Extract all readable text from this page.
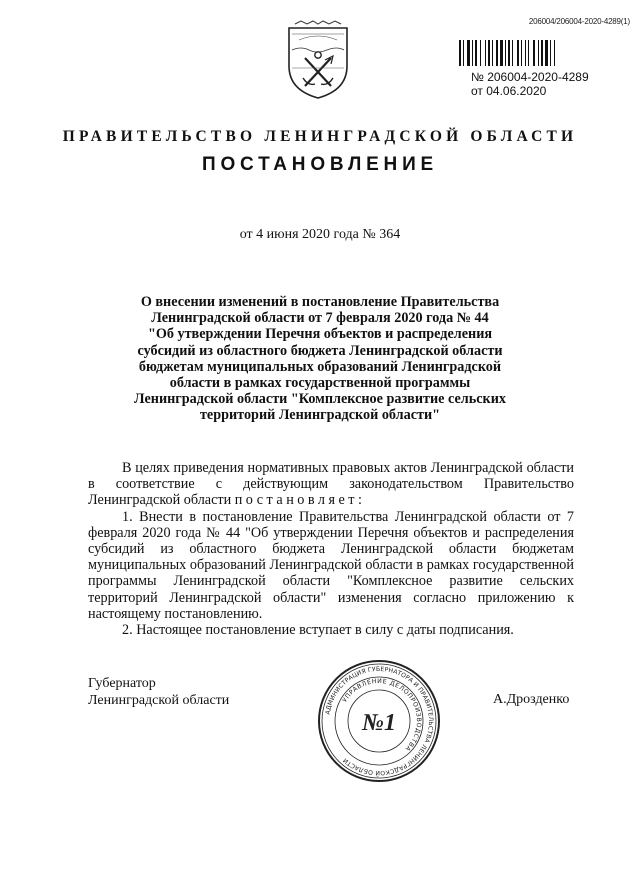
206004/206004-2020-4289(1)
№ 206004-2020-4289
от 04.06.2020
ПРАВИТЕЛЬСТВО ЛЕНИНГРАДСКОЙ ОБЛАСТИ
ПОСТАНОВЛЕНИЕ
от 4 июня 2020 года № 364
О внесении изменений в постановление Правительства
Ленинградской области от 7 февраля 2020 года № 44
"Об утверждении Перечня объектов и распределения
субсидий из областного бюджета Ленинградской области
бюджетам муниципальных образований Ленинградской
области в рамках государственной программы
Ленинградской области "Комплексное развитие сельских
территорий Ленинградской области"

В целях приведения нормативных правовых актов Ленинградской области в соответствие с действующим законодательством Правительство Ленинградской области постановляет:

1. Внести в постановление Правительства Ленинградской области от 7 февраля 2020 года № 44 "Об утверждении Перечня объектов и распределения субсидий из областного бюджета Ленинградской области бюджетам муниципальных образований Ленинградской области в рамках государственной программы Ленинградской области "Комплексное развитие сельских территорий Ленинградской области" изменения согласно приложению к настоящему постановлению.

2. Настоящее постановление вступает в силу с даты подписания.

Губернатор
Ленинградской области	А.Дрозденко
АДМИНИСТРАЦИЯ ГУБЕРНАТОРА И ПРАВИТЕЛЬСТВА ЛЕНИНГРАДСКОЙ ОБЛАСТИ
УПРАВЛЕНИЕ ДЕЛОПРОИЗВОДСТВА
№1
